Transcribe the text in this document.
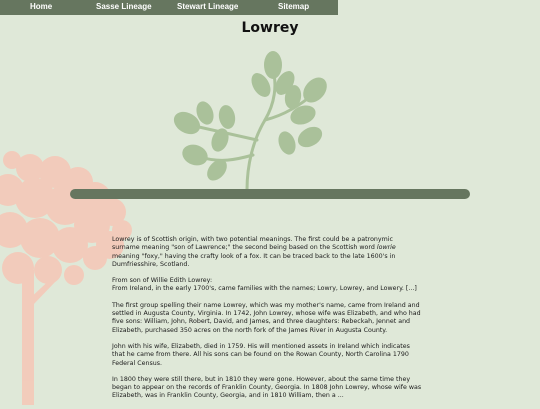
Home	Sasse Lineage	Stewart Lineage	Sitemap
Lowrey

Lowrey is of Scottish origin, with two potential meanings. The first could be a patronymic surname meaning "son of Lawrence;" the second being based on the Scottish word lowrie meaning "foxy," having the crafty look of a fox. It can be traced back to the late 1600's in Dumfriesshire, Scotland.

From son of Willie Edith Lowrey:
From Ireland, in the early 1700's, came families with the names; Lowry, Lowrey, and Lowery. [...]

The first group spelling their name Lowrey, which was my mother's name, came from Ireland and settled in Augusta County, Virginia. In 1742, John Lowrey, whose wife was Elizabeth, and who had five sons: William, John, Robert, David, and James, and three daughters: Rebeckah, Jennet and Elizabeth, purchased 350 acres on the north fork of the James River in Augusta County.

John with his wife, Elizabeth, died in 1759. His will mentioned assets in Ireland which indicates that he came from there. All his sons can be found on the Rowan County, North Carolina 1790 Federal Census.

In 1800 they were still there, but in 1810 they were gone. However, about the same time they began to appear on the records of Franklin County, Georgia. In 1808 John Lowrey, whose wife was Elizabeth, was in Franklin County, Georgia, and in 1810 William, then a ...
